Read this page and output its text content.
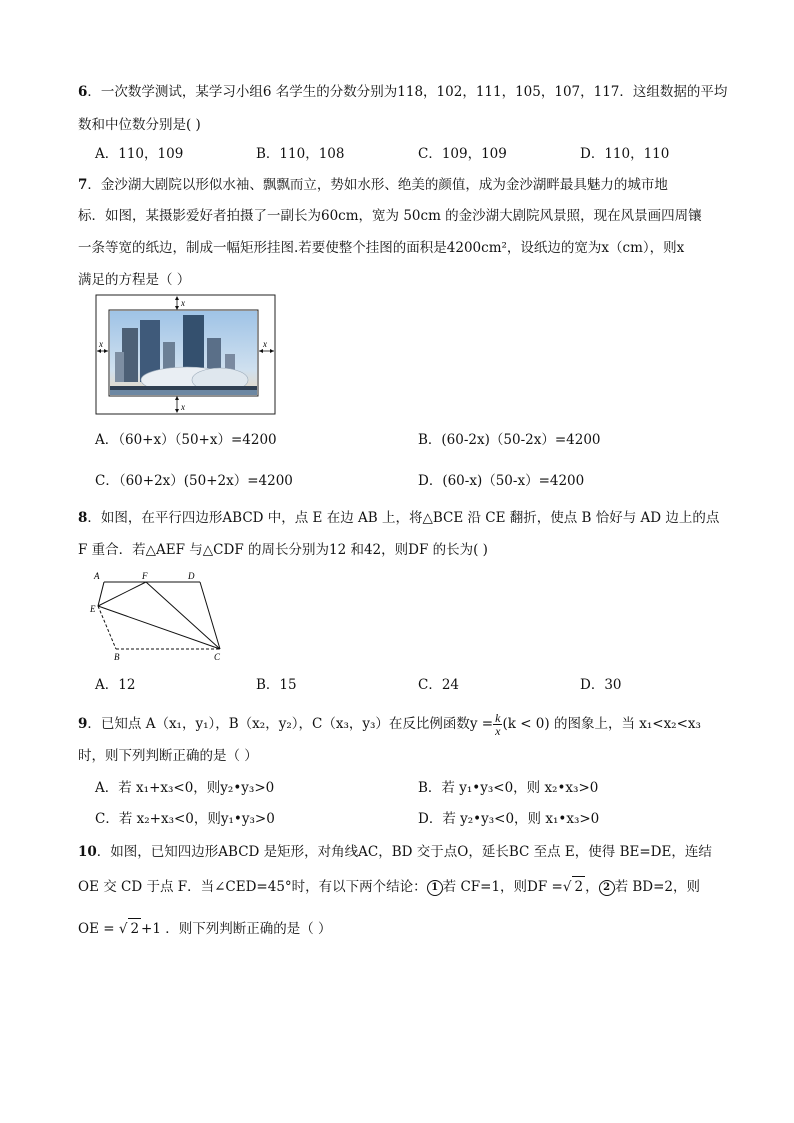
6．一次数学测试，某学习小组6 名学生的分数分别为118，102，111，105，107，117．这组数据的平均
数和中位数分别是( )
A．110，109	B．110，108	C．109，109	D．110，110
7．金沙湖大剧院以形似水袖、飘飘而立，势如水形、绝美的颜值，成为金沙湖畔最具魅力的城市地
标．如图，某摄影爱好者拍摄了一副长为60cm，宽为 50cm 的金沙湖大剧院风景照，现在风景画四周镶
一条等宽的纸边，制成一幅矩形挂图.若要使整个挂图的面积是4200cm²，设纸边的宽为x（cm），则x
满足的方程是（ ）
x
x
x	x
A．（60+x）（50+x）=4200	B．(60-2x)（50-2x）=4200
C．（60+2x）(50+2x）=4200	D．(60-x)（50-x）=4200
8．如图，在平行四边形ABCD 中，点 E 在边 AB 上，将△BCE 沿 CE 翻折，使点 B 恰好与 AD 边上的点
F 重合．若△AEF 与△CDF 的周长分别为12 和42，则DF 的长为( )
A	F	D
E
B	C
A．12	B．15	C．24	D．30
9．已知点 A（x₁，y₁），B（x₂，y₂），C（x₃，y₃）在反比例函数$y = \frac{k}{x} (k < 0)$ 的图象上，当 x₁<x₂<x₃
时，则下列判断正确的是（ ）
A．若 x₁+x₃<0，则y₂•y₃>0	B．若 y₁•y₃<0，则 x₂•x₃>0
C．若 x₂+x₃<0，则y₁•y₃>0	D．若 y₂•y₃<0，则 x₁•x₃>0
10．如图，已知四边形ABCD 是矩形，对角线AC，BD 交于点O，延长BC 至点 E，使得 BE=DE，连结
OE 交 CD 于点 F．当∠CED=45°时，有以下两个结论： 1 若 CF=1，则DF =√ 2 ， 2 若 BD=2，则
OE = √ 2 +1 ．则下列判断正确的是（ ）
